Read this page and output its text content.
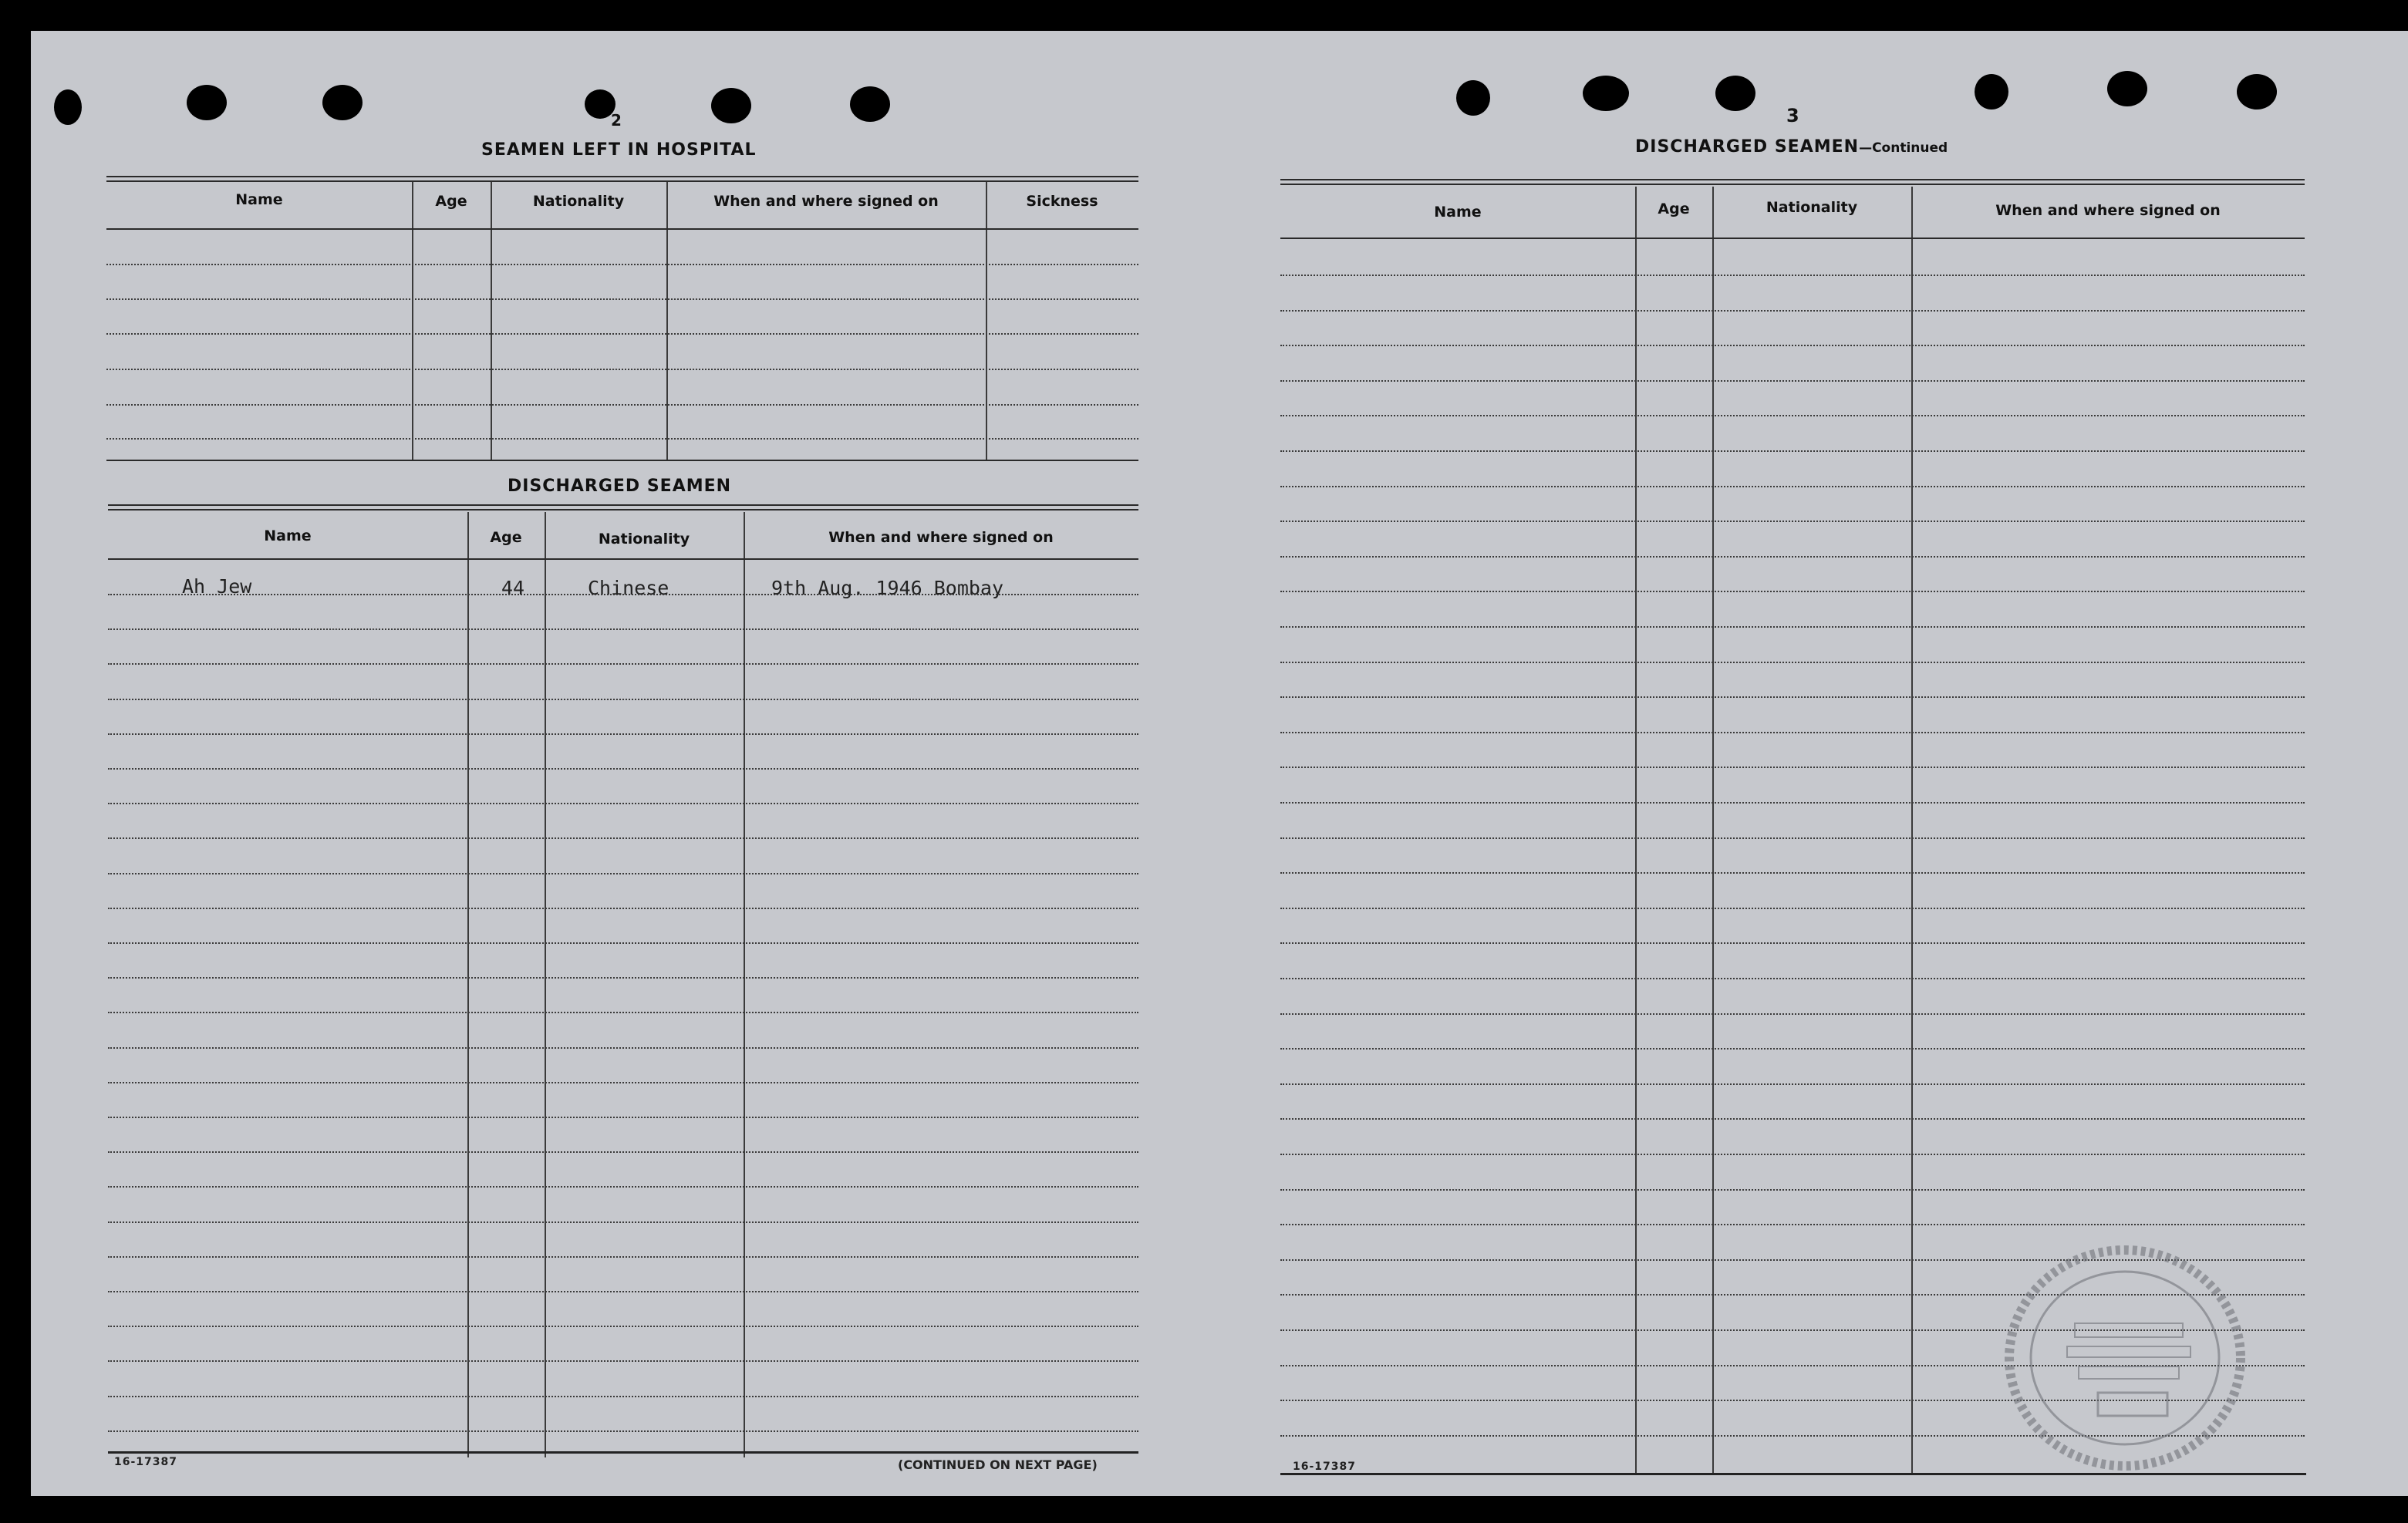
2
SEAMEN LEFT IN HOSPITAL
Name	Age	Nationality	When and where signed on	Sickness
DISCHARGED SEAMEN
Name	Age	Nationality	When and where signed on
Ah Jew	44	Chinese	9th Aug. 1946 Bombay
16-17387	(CONTINUED ON NEXT PAGE)
3
DISCHARGED SEAMEN—Continued
Name	Age	Nationality	When and where signed on
16-17387
